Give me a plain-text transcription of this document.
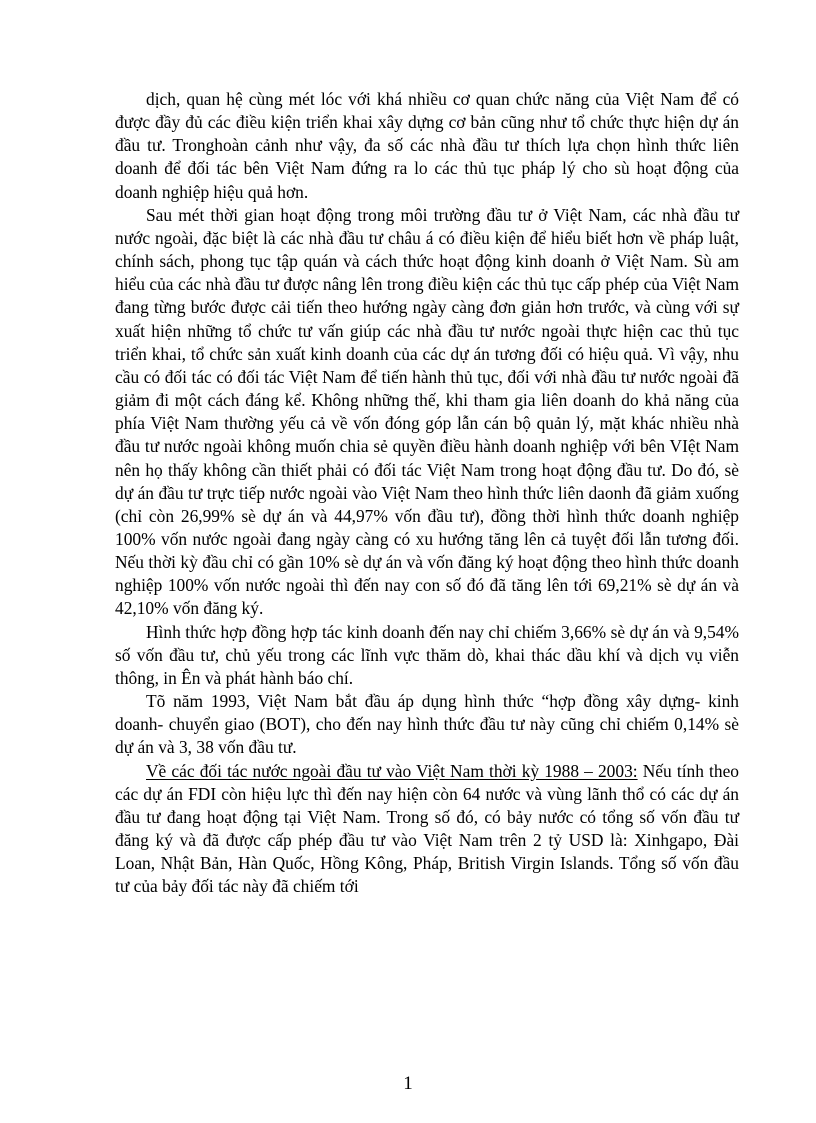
dịch, quan hệ cùng mét lóc với khá nhiều cơ quan chức năng của Việt Nam để có được đầy đủ các điều kiện triển khai xây dựng cơ bản cũng như tổ chức thực hiện dự án đầu tư. Tronghoàn cảnh như vậy, đa số các nhà đầu tư thích lựa chọn hình thức liên doanh để đối tác bên Việt Nam đứng ra lo các thủ tục pháp lý cho sù hoạt động của doanh nghiệp hiệu quả hơn.

Sau mét thời gian hoạt động trong môi trường đầu tư ở Việt Nam, các nhà đầu tư nước ngoài, đặc biệt là các nhà đầu tư châu á có điều kiện để hiểu biết hơn về pháp luật, chính sách, phong tục tập quán và cách thức hoạt động kinh doanh ở Việt Nam. Sù am hiểu của các nhà đầu tư được nâng lên trong điều kiện các thủ tục cấp phép của Việt Nam đang từng bước được cải tiến theo hướng ngày càng đơn giản hơn trước, và cùng với sự xuất hiện những tổ chức tư vấn giúp các nhà đầu tư nước ngoài thực hiện cac thủ tục triển khai, tổ chức sản xuất kinh doanh của các dự án tương đối có hiệu quả. Vì vậy, nhu cầu có đối tác có đối tác Việt Nam để tiến hành thủ tục, đối với nhà đầu tư nước ngoài đã giảm đi một cách đáng kể. Không những thế, khi tham gia liên doanh do khả năng của phía Việt Nam thường yếu cả về vốn đóng góp lẫn cán bộ quản lý, mặt khác nhiều nhà đầu tư nước ngoài không muốn chia sẻ quyền điều hành doanh nghiệp với bên VIệt Nam nên họ thấy không cần thiết phải có đối tác Việt Nam trong hoạt động đầu tư. Do đó, sè dự án đầu tư trực tiếp nước ngoài vào Việt Nam theo hình thức liên daonh đã giảm xuống (chỉ còn 26,99% sè dự án và 44,97% vốn đầu tư), đồng thời hình thức doanh nghiệp 100% vốn nước ngoài đang ngày càng có xu hướng tăng lên cả tuyệt đối lẫn tương đối. Nếu thời kỳ đầu chỉ có gần 10% sè dự án và vốn đăng ký hoạt động theo hình thức doanh nghiệp 100% vốn nước ngoài thì đến nay con số đó đã tăng lên tới 69,21% sè dự án và 42,10% vốn đăng ký.

Hình thức hợp đồng hợp tác kinh doanh đến nay chỉ chiếm 3,66% sè dự án và 9,54% số vốn đầu tư, chủ yếu trong các lĩnh vực thăm dò, khai thác dầu khí và dịch vụ viễn thông, in Ên và phát hành báo chí.

Tõ năm 1993, Việt Nam bắt đầu áp dụng hình thức “hợp đồng xây dựng- kinh doanh- chuyển giao (BOT), cho đến nay hình thức đầu tư này cũng chỉ chiếm 0,14% sè dự án và 3, 38 vốn đầu tư.

Về các đối tác nước ngoài đầu tư vào Việt Nam thời kỳ 1988 – 2003: Nếu tính theo các dự án FDI còn hiệu lực thì đến nay hiện còn 64 nước và vùng lãnh thổ có các dự án đầu tư đang hoạt động tại Việt Nam. Trong số đó, có bảy nước có tổng số vốn đầu tư đăng ký và đã được cấp phép đầu tư vào Việt Nam trên 2 tỷ USD là: Xinhgapo, Đài Loan, Nhật Bản, Hàn Quốc, Hồng Kông, Pháp, British Virgin Islands. Tổng số vốn đầu tư của bảy đối tác này đã chiếm tới

1
